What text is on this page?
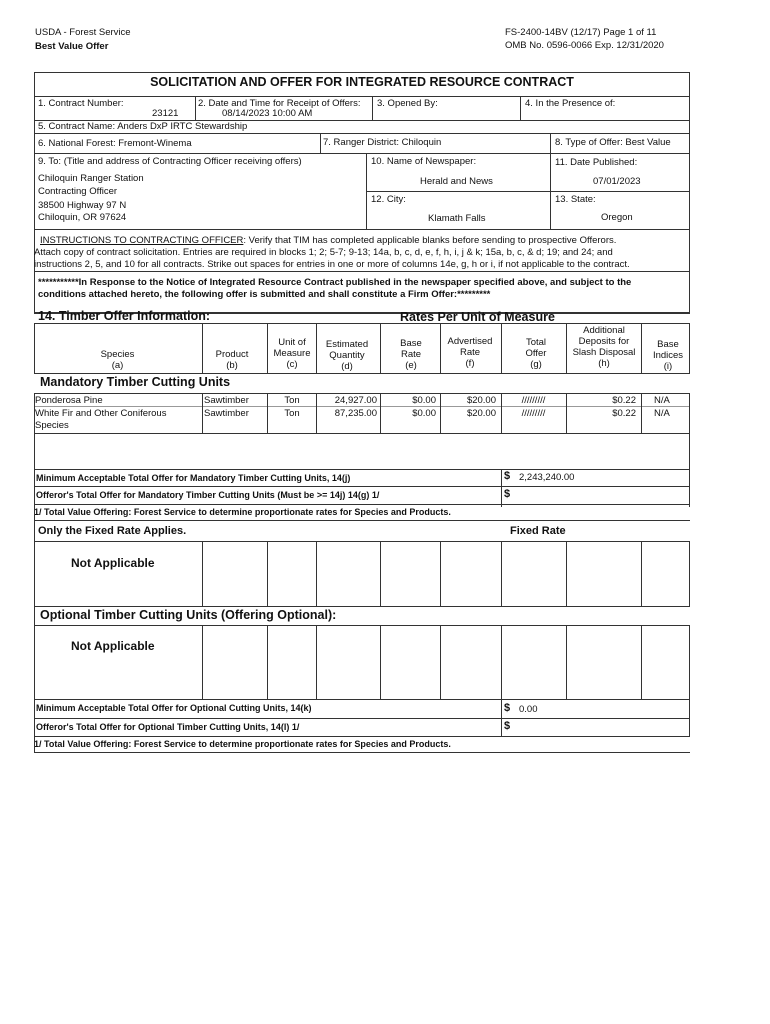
USDA - Forest Service
Best Value Offer
FS-2400-14BV (12/17) Page 1 of 11
OMB No. 0596-0066 Exp. 12/31/2020
SOLICITATION AND OFFER FOR INTEGRATED RESOURCE CONTRACT
1. Contract Number:
23121
2. Date and Time for Receipt of Offers:
08/14/2023 10:00 AM
3. Opened By:	4. In the Presence of:
5. Contract Name: Anders DxP IRTC Stewardship
6. National Forest: Fremont-Winema	7. Ranger District: Chiloquin	8. Type of Offer: Best Value
9. To: (Title and address of Contracting Officer receiving offers)
Chiloquin Ranger Station
Contracting Officer
38500 Highway 97 N
Chiloquin, OR 97624
10. Name of Newspaper:
Herald and News
11. Date Published:
07/01/2023
12. City:
Klamath Falls
13. State:
Oregon
INSTRUCTIONS TO CONTRACTING OFFICER: Verify that TIM has completed applicable blanks before sending to prospective Offerors.
Attach copy of contract solicitation. Entries are required in blocks 1; 2; 5-7; 9-13; 14a, b, c, d, e, f, h, i, j & k; 15a, b, c, & d; 19; and 24; and
instructions 2, 5, and 10 for all contracts. Strike out spaces for entries in one or more of columns 14e, g, h or i, if not applicable to the contract.
***********In Response to the Notice of Integrated Resource Contract published in the newspaper specified above, and subject to the
conditions attached hereto, the following offer is submitted and shall constitute a Firm Offer:*********
14. Timber Offer Information:	Rates Per Unit of Measure
Species
(a)
Product
(b)
Unit of
Measure
(c)
Estimated
Quantity
(d)
Base
Rate
(e)
Advertised
Rate
(f)
Total
Offer
(g)
Additional
Deposits for
Slash Disposal
(h)
Base
Indices
(i)
Mandatory Timber Cutting Units
Ponderosa Pine	Sawtimber	Ton	24,927.00	$0.00	$20.00	/////////	$0.22 N/A
White Fir and Other Coniferous
Species
Sawtimber	Ton	87,235.00	$0.00	$20.00	/////////	$0.22 N/A
Minimum Acceptable Total Offer for Mandatory Timber Cutting Units, 14(j)	$ 2,243,240.00
Offeror's Total Offer for Mandatory Timber Cutting Units (Must be >= 14j) 14(g) 1/	$
1/ Total Value Offering: Forest Service to determine proportionate rates for Species and Products.
Only the Fixed Rate Applies.	Fixed Rate
Not Applicable
Optional Timber Cutting Units (Offering Optional):
Not Applicable
Minimum Acceptable Total Offer for Optional Cutting Units, 14(k)	$ 0.00
Offeror's Total Offer for Optional Timber Cutting Units, 14(l) 1/	$
1/ Total Value Offering: Forest Service to determine proportionate rates for Species and Products.
